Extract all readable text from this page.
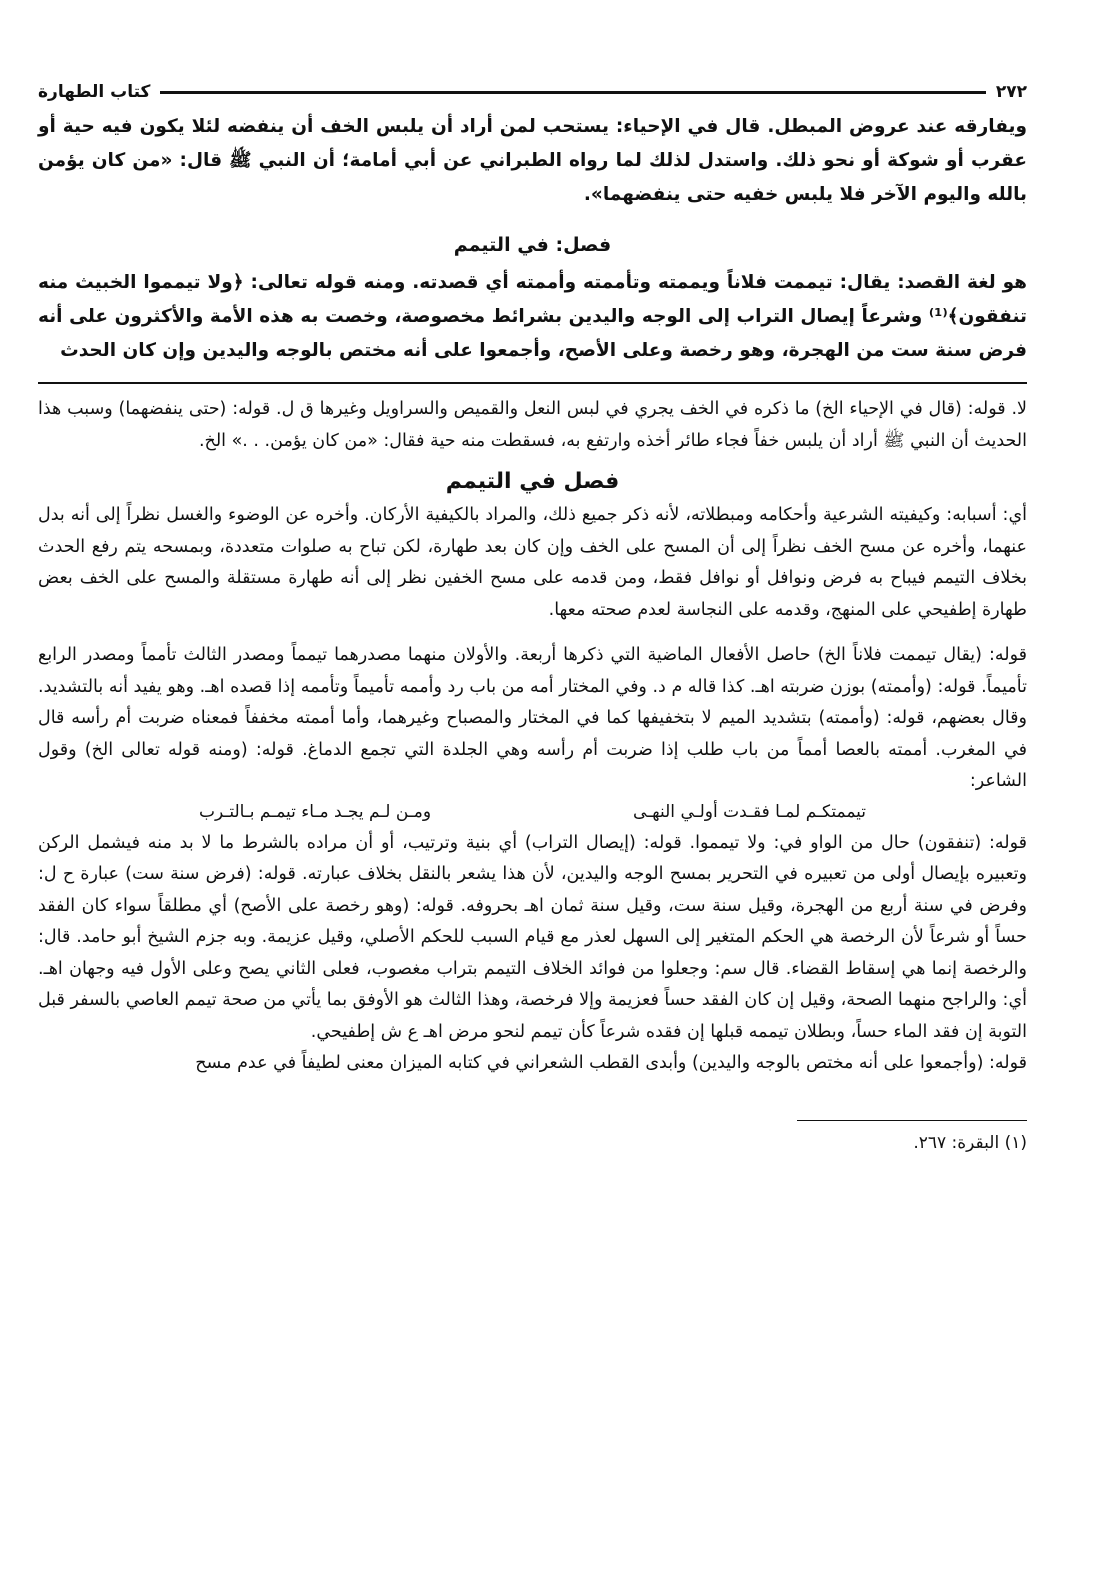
٢٧٢
كتاب الطهارة

ويفارقه عند عروض المبطل. قال في الإحياء: يستحب لمن أراد أن يلبس الخف أن ينفضه لئلا يكون فيه حية أو عقرب أو شوكة أو نحو ذلك. واستدل لذلك لما رواه الطبراني عن أبي أمامة؛ أن النبي ﷺ قال: «من كان يؤمن بالله واليوم الآخر فلا يلبس خفيه حتى ينفضهما».

فصل: في التيمم

هو لغة القصد: يقال: تيممت فلاناً ويممته وتأممته وأممته أي قصدته. ومنه قوله تعالى: ﴿ولا تيمموا الخبيث منه تنفقون﴾⁽¹⁾ وشرعاً إيصال التراب إلى الوجه واليدين بشرائط مخصوصة، وخصت به هذه الأمة والأكثرون على أنه فرض سنة ست من الهجرة، وهو رخصة وعلى الأصح، وأجمعوا على أنه مختص بالوجه واليدين وإن كان الحدث

لا. قوله: (قال في الإحياء الخ) ما ذكره في الخف يجري في لبس النعل والقميص والسراويل وغيرها ق ل. قوله: (حتى ينفضهما) وسبب هذا الحديث أن النبي ﷺ أراد أن يلبس خفاً فجاء طائر أخذه وارتفع به، فسقطت منه حية فقال: «من كان يؤمن. . .» الخ.

فصل في التيمم

أي: أسبابه: وكيفيته الشرعية وأحكامه ومبطلاته، لأنه ذكر جميع ذلك، والمراد بالكيفية الأركان. وأخره عن الوضوء والغسل نظراً إلى أنه بدل عنهما، وأخره عن مسح الخف نظراً إلى أن المسح على الخف وإن كان بعد طهارة، لكن تباح به صلوات متعددة، وبمسحه يتم رفع الحدث بخلاف التيمم فيباح به فرض ونوافل أو نوافل فقط، ومن قدمه على مسح الخفين نظر إلى أنه طهارة مستقلة والمسح على الخف بعض طهارة إطفيحي على المنهج، وقدمه على النجاسة لعدم صحته معها.

قوله: (يقال تيممت فلاناً الخ) حاصل الأفعال الماضية التي ذكرها أربعة. والأولان منهما مصدرهما تيمماً ومصدر الثالث تأمماً ومصدر الرابع تأميماً. قوله: (وأممته) بوزن ضربته اهـ. كذا قاله م د. وفي المختار أمه من باب رد وأممه تأميماً وتأممه إذا قصده اهـ. وهو يفيد أنه بالتشديد. وقال بعضهم، قوله: (وأممته) بتشديد الميم لا بتخفيفها كما في المختار والمصباح وغيرهما، وأما أممته مخففاً فمعناه ضربت أم رأسه قال في المغرب. أممته بالعصا أمماً من باب طلب إذا ضربت أم رأسه وهي الجلدة التي تجمع الدماغ. قوله: (ومنه قوله تعالى الخ) وقول الشاعر:

تيممتكـم لمـا فقـدت أولـي النهـى
ومـن لـم يجـد مـاء تيمـم بـالتـرب

قوله: (تنفقون) حال من الواو في: ولا تيمموا. قوله: (إيصال التراب) أي بنية وترتيب، أو أن مراده بالشرط ما لا بد منه فيشمل الركن وتعبيره بإيصال أولى من تعبيره في التحرير بمسح الوجه واليدين، لأن هذا يشعر بالنقل بخلاف عبارته. قوله: (فرض سنة ست) عبارة ح ل: وفرض في سنة أربع من الهجرة، وقيل سنة ست، وقيل سنة ثمان اهـ بحروفه. قوله: (وهو رخصة على الأصح) أي مطلقاً سواء كان الفقد حساً أو شرعاً لأن الرخصة هي الحكم المتغير إلى السهل لعذر مع قيام السبب للحكم الأصلي، وقيل عزيمة. وبه جزم الشيخ أبو حامد. قال: والرخصة إنما هي إسقاط القضاء. قال سم: وجعلوا من فوائد الخلاف التيمم بتراب مغصوب، فعلى الثاني يصح وعلى الأول فيه وجهان اهـ. أي: والراجح منهما الصحة، وقيل إن كان الفقد حساً فعزيمة وإلا فرخصة، وهذا الثالث هو الأوفق بما يأتي من صحة تيمم العاصي بالسفر قبل التوبة إن فقد الماء حساً، وبطلان تيممه قبلها إن فقده شرعاً كأن تيمم لنحو مرض اهـ ع ش إطفيحي.

قوله: (وأجمعوا على أنه مختص بالوجه واليدين) وأبدى القطب الشعراني في كتابه الميزان معنى لطيفاً في عدم مسح

(١) البقرة: ٢٦٧.
